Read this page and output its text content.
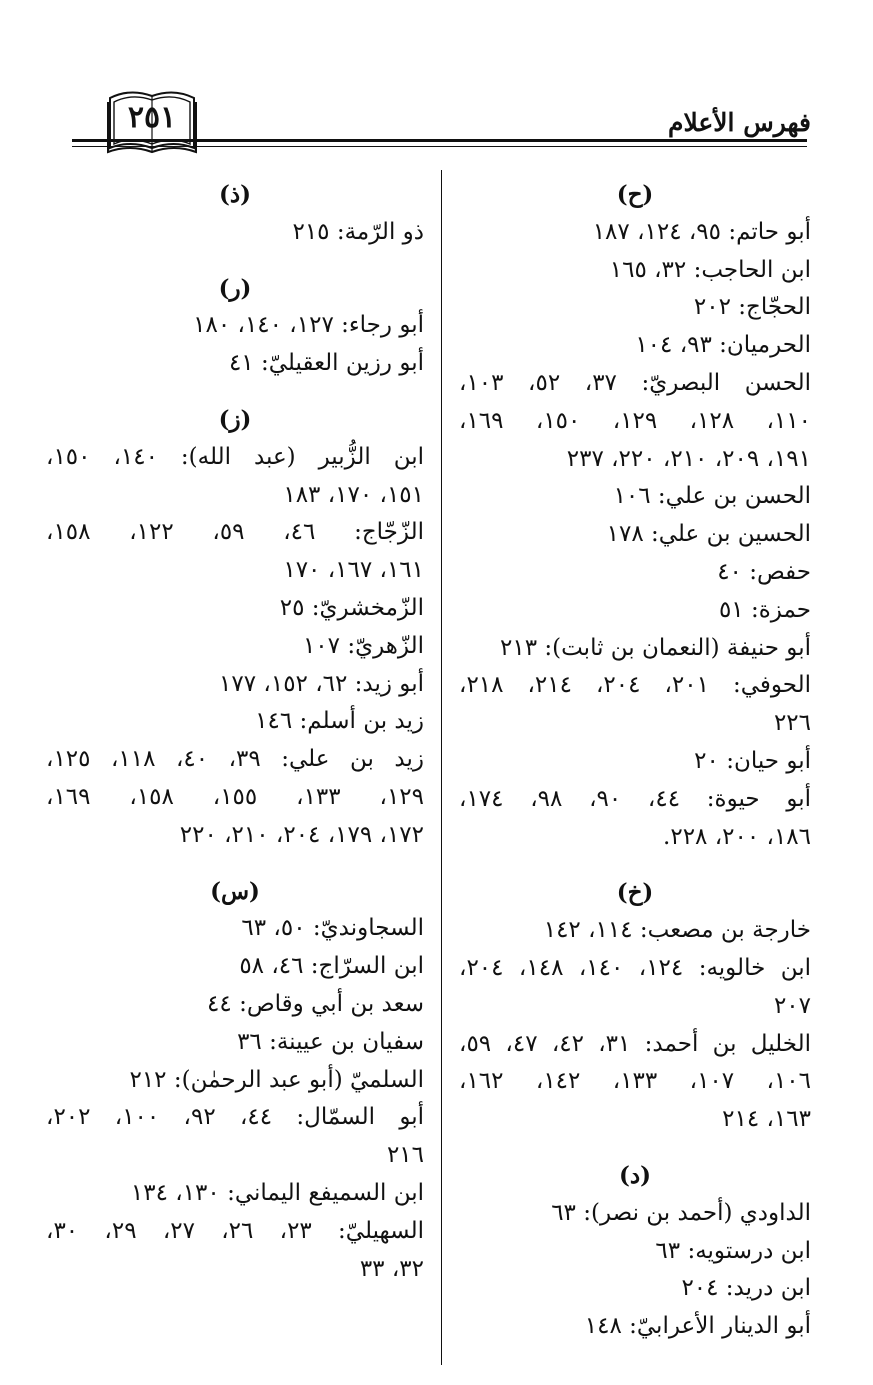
فهرس الأعلام
٢٥١
(ح)
أبو حاتم: ٩٥، ١٢٤، ١٨٧
ابن الحاجب: ٣٢، ١٦٥
الحجّاج: ٢٠٢
الحرميان: ٩٣، ١٠٤
الحسن البصريّ: ٣٧، ٥٢، ١٠٣،
١١٠، ١٢٨، ١٢٩، ١٥٠، ١٦٩،
١٩١، ٢٠٩، ٢١٠، ٢٢٠، ٢٣٧
الحسن بن علي: ١٠٦
الحسين بن علي: ١٧٨
حفص: ٤٠
حمزة: ٥١
أبو حنيفة (النعمان بن ثابت): ٢١٣
الحوفي: ٢٠١، ٢٠٤، ٢١٤، ٢١٨،
٢٢٦
أبو حيان: ٢٠
أبو حيوة: ٤٤، ٩٠، ٩٨، ١٧٤،
١٨٦، ٢٠٠، ٢٢٨.
(خ)
خارجة بن مصعب: ١١٤، ١٤٢
ابن خالويه: ١٢٤، ١٤٠، ١٤٨، ٢٠٤،
٢٠٧
الخليل بن أحمد: ٣١، ٤٢، ٤٧، ٥٩،
١٠٦، ١٠٧، ١٣٣، ١٤٢، ١٦٢،
١٦٣، ٢١٤
(د)
الداودي (أحمد بن نصر): ٦٣
ابن درستويه: ٦٣
ابن دريد: ٢٠٤
أبو الدينار الأعرابيّ: ١٤٨
(ذ)
ذو الرّمة: ٢١٥
(ر)
أبو رجاء: ١٢٧، ١٤٠، ١٨٠
أبو رزين العقيليّ: ٤١
(ز)
ابن الزُّبير (عبد الله): ١٤٠، ١٥٠،
١٥١، ١٧٠، ١٨٣
الزّجّاج: ٤٦، ٥٩، ١٢٢، ١٥٨،
١٦١، ١٦٧، ١٧٠
الزّمخشريّ: ٢٥
الزّهريّ: ١٠٧
أبو زيد: ٦٢، ١٥٢، ١٧٧
زيد بن أسلم: ١٤٦
زيد بن علي: ٣٩، ٤٠، ١١٨، ١٢٥،
١٢٩، ١٣٣، ١٥٥، ١٥٨، ١٦٩،
١٧٢، ١٧٩، ٢٠٤، ٢١٠، ٢٢٠
(س)
السجاونديّ: ٥٠، ٦٣
ابن السرّاج: ٤٦، ٥٨
سعد بن أبي وقاص: ٤٤
سفيان بن عيينة: ٣٦
السلميّ (أبو عبد الرحمٰن): ٢١٢
أبو السمّال: ٤٤، ٩٢، ١٠٠، ٢٠٢،
٢١٦
ابن السميفع اليماني: ١٣٠، ١٣٤
السهيليّ: ٢٣، ٢٦، ٢٧، ٢٩، ٣٠،
٣٢، ٣٣
